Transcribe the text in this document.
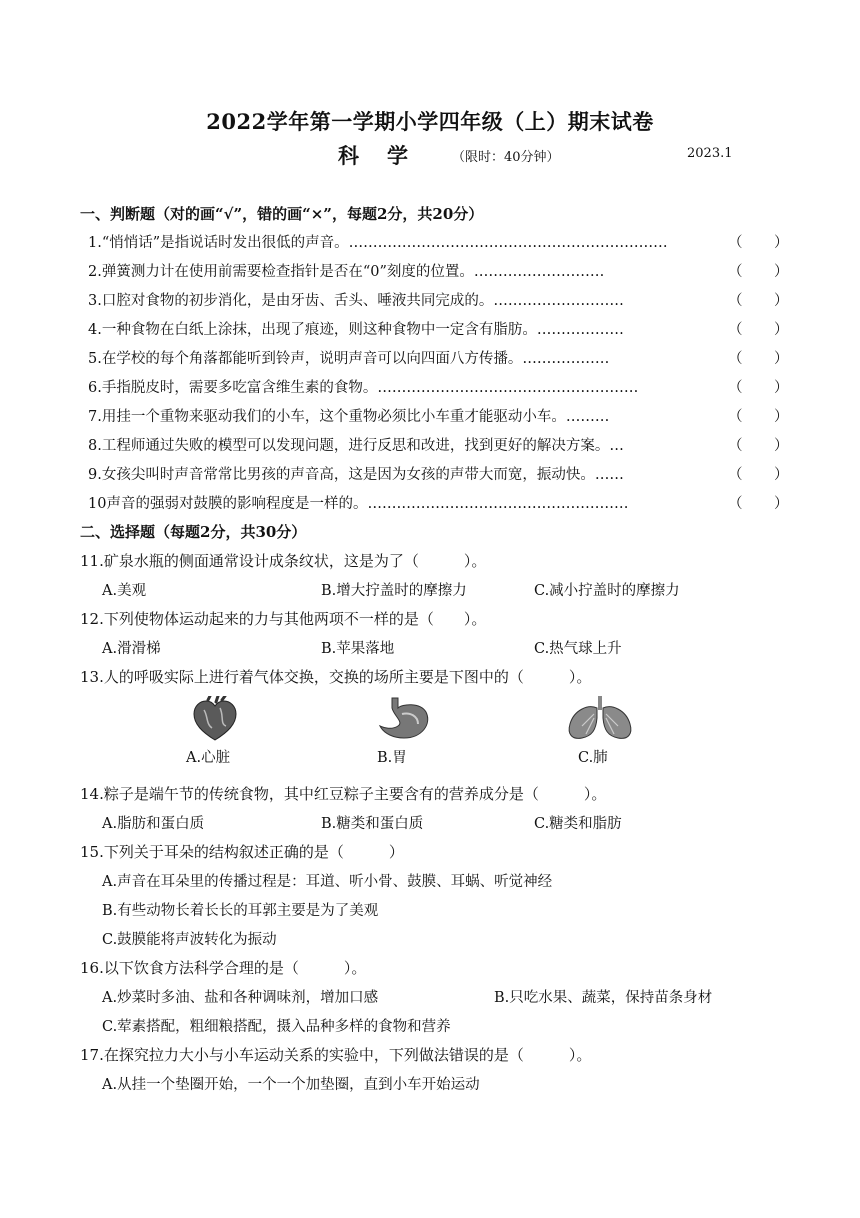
2022学年第一学期小学四年级（上）期末试卷
科学 （限时：40分钟）	2023.1
一、判断题（对的画“√”，错的画“×”，每题2分，共20分）
1.“悄悄话”是指说话时发出很低的声音。…………………………………………………………	（ ）
2.弹簧测力计在使用前需要检查指针是否在“0”刻度的位置。………………………	（ ）
3.口腔对食物的初步消化，是由牙齿、舌头、唾液共同完成的。………………………	（ ）
4.一种食物在白纸上涂抹，出现了痕迹，则这种食物中一定含有脂肪。………………	（ ）
5.在学校的每个角落都能听到铃声，说明声音可以向四面八方传播。………………	（ ）
6.手指脱皮时，需要多吃富含维生素的食物。………………………………………………	（ ）
7.用挂一个重物来驱动我们的小车，这个重物必须比小车重才能驱动小车。………	（ ）
8.工程师通过失败的模型可以发现问题，进行反思和改进，找到更好的解决方案。…	（ ）
9.女孩尖叫时声音常常比男孩的声音高，这是因为女孩的声带大而宽，振动快。……	（ ）
10声音的强弱对鼓膜的影响程度是一样的。………………………………………………	（ ）
二、选择题（每题2分，共30分）
11.矿泉水瓶的侧面通常设计成条纹状，这是为了（　　　）。
A.美观	B.增大拧盖时的摩擦力	C.减小拧盖时的摩擦力
12.下列使物体运动起来的力与其他两项不一样的是（　　）。
A.滑滑梯	B.苹果落地	C.热气球上升
13.人的呼吸实际上进行着气体交换，交换的场所主要是下图中的（　　　）。
A.心脏	B.胃	C.肺
14.粽子是端午节的传统食物，其中红豆粽子主要含有的营养成分是（　　　）。
A.脂肪和蛋白质	B.糖类和蛋白质	C.糖类和脂肪
15.下列关于耳朵的结构叙述正确的是（　　　）
A.声音在耳朵里的传播过程是：耳道、听小骨、鼓膜、耳蜗、听觉神经
B.有些动物长着长长的耳郭主要是为了美观
C.鼓膜能将声波转化为振动
16.以下饮食方法科学合理的是（　　　）。
A.炒菜时多油、盐和各种调味剂，增加口感	B.只吃水果、蔬菜，保持苗条身材
C.荤素搭配，粗细粮搭配，摄入品种多样的食物和营养
17.在探究拉力大小与小车运动关系的实验中，下列做法错误的是（　　　）。
A.从挂一个垫圈开始，一个一个加垫圈，直到小车开始运动
